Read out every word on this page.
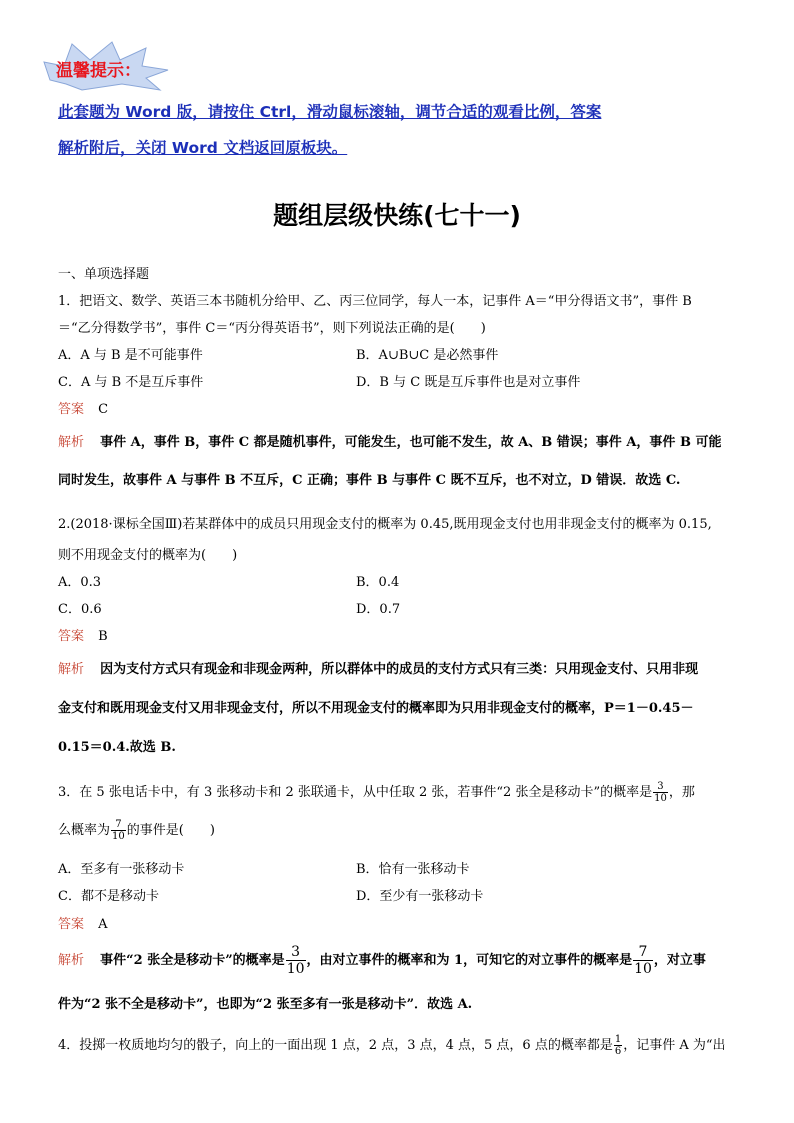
温馨提示：
此套题为 Word 版，请按住 Ctrl，滑动鼠标滚轴，调节合适的观看比例，答案
解析附后，关闭 Word 文档返回原板块。
题组层级快练(七十一)
一、单项选择题
1．把语文、数学、英语三本书随机分给甲、乙、丙三位同学，每人一本，记事件 A＝“甲分得语文书”，事件 B
＝“乙分得数学书”，事件 C＝“丙分得英语书”，则下列说法正确的是(　　)
A．A 与 B 是不可能事件	B．A∪B∪C 是必然事件
C．A 与 B 不是互斥事件	D．B 与 C 既是互斥事件也是对立事件
答案 C
解析 事件 A，事件 B，事件 C 都是随机事件，可能发生，也可能不发生，故 A、B 错误；事件 A，事件 B 可能
同时发生，故事件 A 与事件 B 不互斥，C 正确；事件 B 与事件 C 既不互斥，也不对立，D 错误．故选 C.
2.(2018·课标全国Ⅲ)若某群体中的成员只用现金支付的概率为 0.45,既用现金支付也用非现金支付的概率为 0.15,
则不用现金支付的概率为(　　)
A．0.3	B．0.4
C．0.6	D．0.7
答案 B
解析 因为支付方式只有现金和非现金两种，所以群体中的成员的支付方式只有三类：只用现金支付、只用非现
金支付和既用现金支付又用非现金支付，所以不用现金支付的概率即为只用非现金支付的概率，P＝1－0.45－
0.15＝0.4.故选 B.
3．在 5 张电话卡中，有 3 张移动卡和 2 张联通卡，从中任取 2 张，若事件“2 张全是移动卡”的概率是 $\frac{3}{10}$ ，那
么概率为 $\frac{7}{10}$ 的事件是(　　)
A．至多有一张移动卡	B．恰有一张移动卡
C．都不是移动卡	D．至少有一张移动卡
答案 A
解析 事件“2 张全是移动卡”的概率是 $\frac{3}{10}$ ，由对立事件的概率和为 1，可知它的对立事件的概率是 $\frac{7}{10}$ ，对立事
件为“2 张不全是移动卡”，也即为“2 张至多有一张是移动卡”．故选 A.
4．投掷一枚质地均匀的骰子，向上的一面出现 1 点，2 点，3 点，4 点，5 点，6 点的概率都是 $\frac{1}{6}$ ，记事件 A 为“出
